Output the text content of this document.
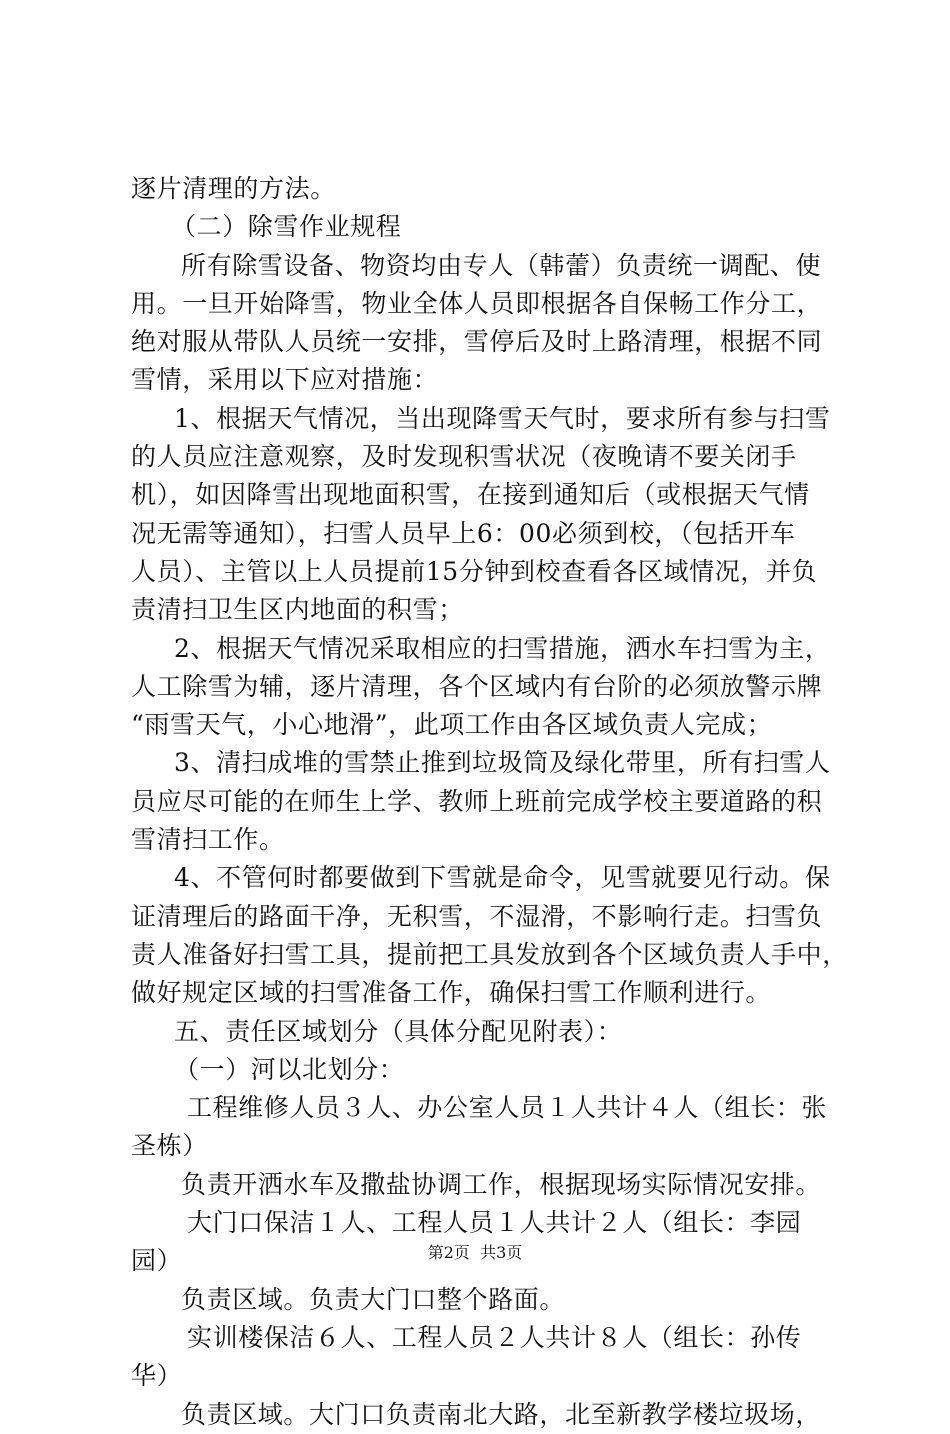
逐片清理的方法。
（二）除雪作业规程
所有除雪设备、物资均由专人（韩蕾）负责统一调配、使
用。一旦开始降雪，物业全体人员即根据各自保畅工作分工，
绝对服从带队人员统一安排，雪停后及时上路清理，根据不同
雪情，采用以下应对措施：
1、根据天气情况，当出现降雪天气时，要求所有参与扫雪
的人员应注意观察，及时发现积雪状况（夜晚请不要关闭手
机），如因降雪出现地面积雪，在接到通知后（或根据天气情
况无需等通知），扫雪人员早上6：00必须到校，（包括开车
人员）、主管以上人员提前15分钟到校查看各区域情况，并负
责清扫卫生区内地面的积雪；
2、根据天气情况采取相应的扫雪措施，洒水车扫雪为主，
人工除雪为辅，逐片清理，各个区域内有台阶的必须放警示牌
“雨雪天气，小心地滑”，此项工作由各区域负责人完成；
3、清扫成堆的雪禁止推到垃圾筒及绿化带里，所有扫雪人
员应尽可能的在师生上学、教师上班前完成学校主要道路的积
雪清扫工作。
4、不管何时都要做到下雪就是命令，见雪就要见行动。保
证清理后的路面干净，无积雪，不湿滑，不影响行走。扫雪负
责人准备好扫雪工具，提前把工具发放到各个区域负责人手中，
做好规定区域的扫雪准备工作，确保扫雪工作顺利进行。
五、责任区域划分（具体分配见附表）：
（一）河以北划分：
工程维修人员３人、办公室人员１人共计４人（组长：张
圣栋）
负责开洒水车及撒盐协调工作，根据现场实际情况安排。
大门口保洁１人、工程人员１人共计２人（组长：李园
园）
负责区域。负责大门口整个路面。
实训楼保洁６人、工程人员２人共计８人（组长：孙传
华）
负责区域。大门口负责南北大路，北至新教学楼垃圾场，
第2页  共3页
